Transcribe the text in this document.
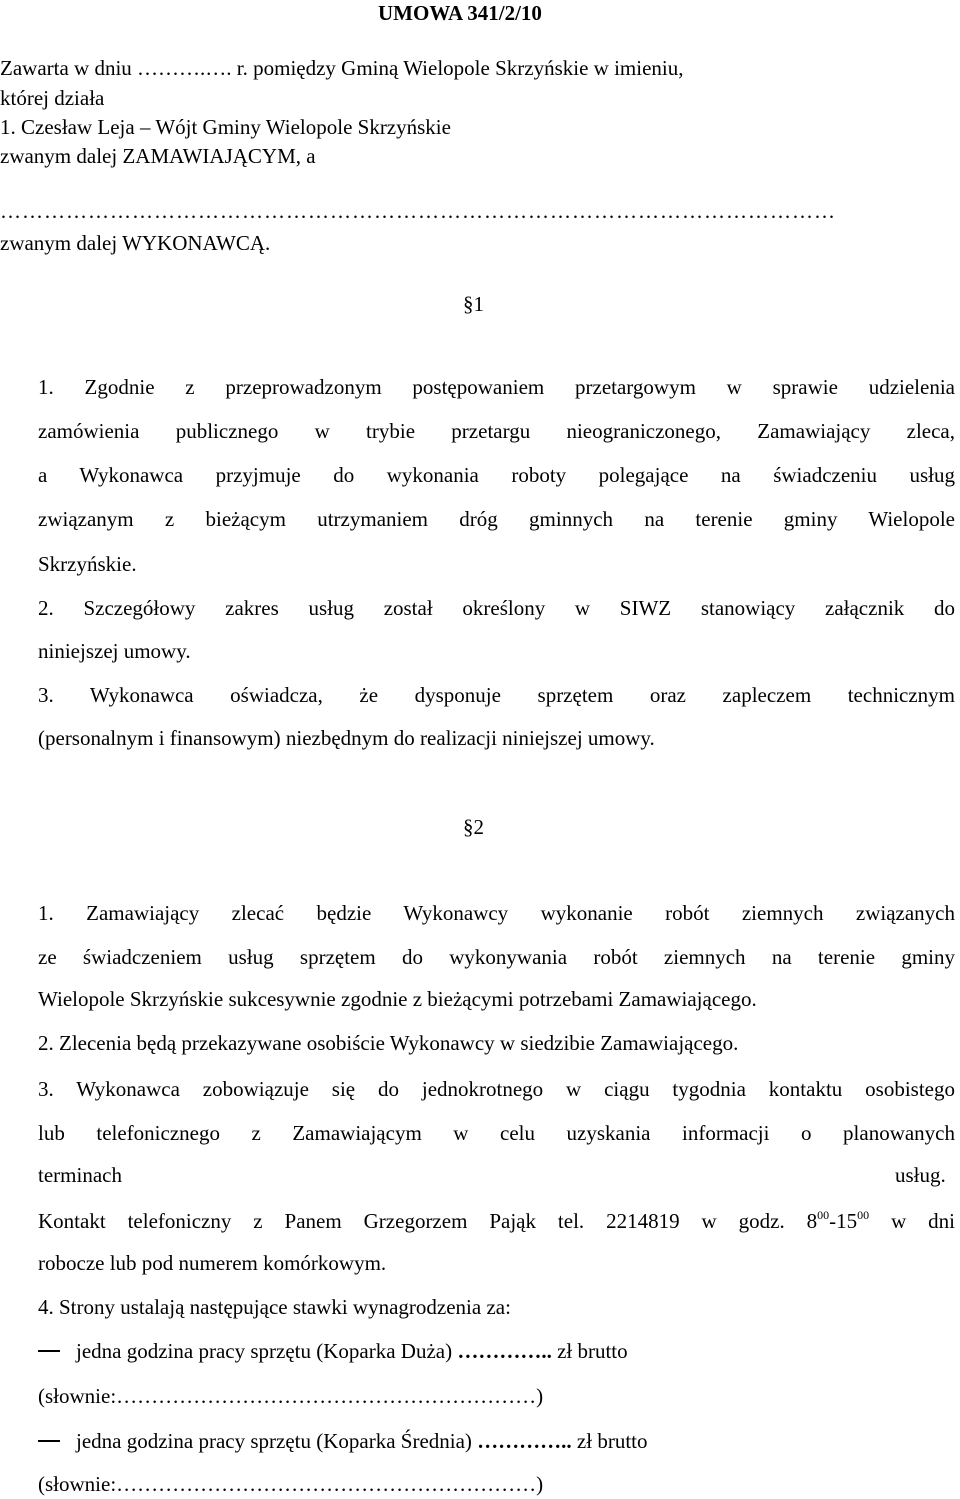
UMOWA 341/2/10
Zawarta w dniu ……….…. r. pomiędzy Gminą Wielopole Skrzyńskie w imieniu,
której działa
1. Czesław Leja – Wójt Gminy Wielopole Skrzyńskie
zwanym dalej ZAMAWIAJĄCYM, a
……………………………………………………………………………………………………
zwanym dalej WYKONAWCĄ.
§1
1. Zgodnie z przeprowadzonym postępowaniem przetargowym w sprawie udzielenia
zamówienia publicznego w trybie przetargu nieograniczonego, Zamawiający zleca,
a Wykonawca przyjmuje do wykonania roboty polegające na świadczeniu usług
związanym z bieżącym utrzymaniem dróg gminnych na terenie gminy Wielopole
Skrzyńskie.
2. Szczegółowy zakres usług został określony w SIWZ stanowiący załącznik do
niniejszej umowy.
3. Wykonawca oświadcza, że dysponuje sprzętem oraz zapleczem technicznym
(personalnym i finansowym) niezbędnym do realizacji niniejszej umowy.
§2
1. Zamawiający zlecać będzie Wykonawcy wykonanie robót ziemnych związanych
ze świadczeniem usług sprzętem do wykonywania robót ziemnych na terenie gminy
Wielopole Skrzyńskie sukcesywnie zgodnie z bieżącymi potrzebami Zamawiającego.
2. Zlecenia będą przekazywane osobiście Wykonawcy w siedzibie Zamawiającego.
3. Wykonawca zobowiązuje się do jednokrotnego w ciągu tygodnia kontaktu osobistego
lub telefonicznego z Zamawiającym w celu uzyskania informacji o planowanych
terminach	usług.
Kontakt telefoniczny z Panem Grzegorzem Pająk tel. 2214819 w godz. $8^{00}-15^{00}$ w dni
robocze lub pod numerem komórkowym.
4. Strony ustalają następujące stawki wynagrodzenia za:
jedna godzina pracy sprzętu (Koparka Duża) ………….. zł brutto
(słownie:……………………………………………………)
jedna godzina pracy sprzętu (Koparka Średnia) ………….. zł brutto
(słownie:……………………………………………………)
